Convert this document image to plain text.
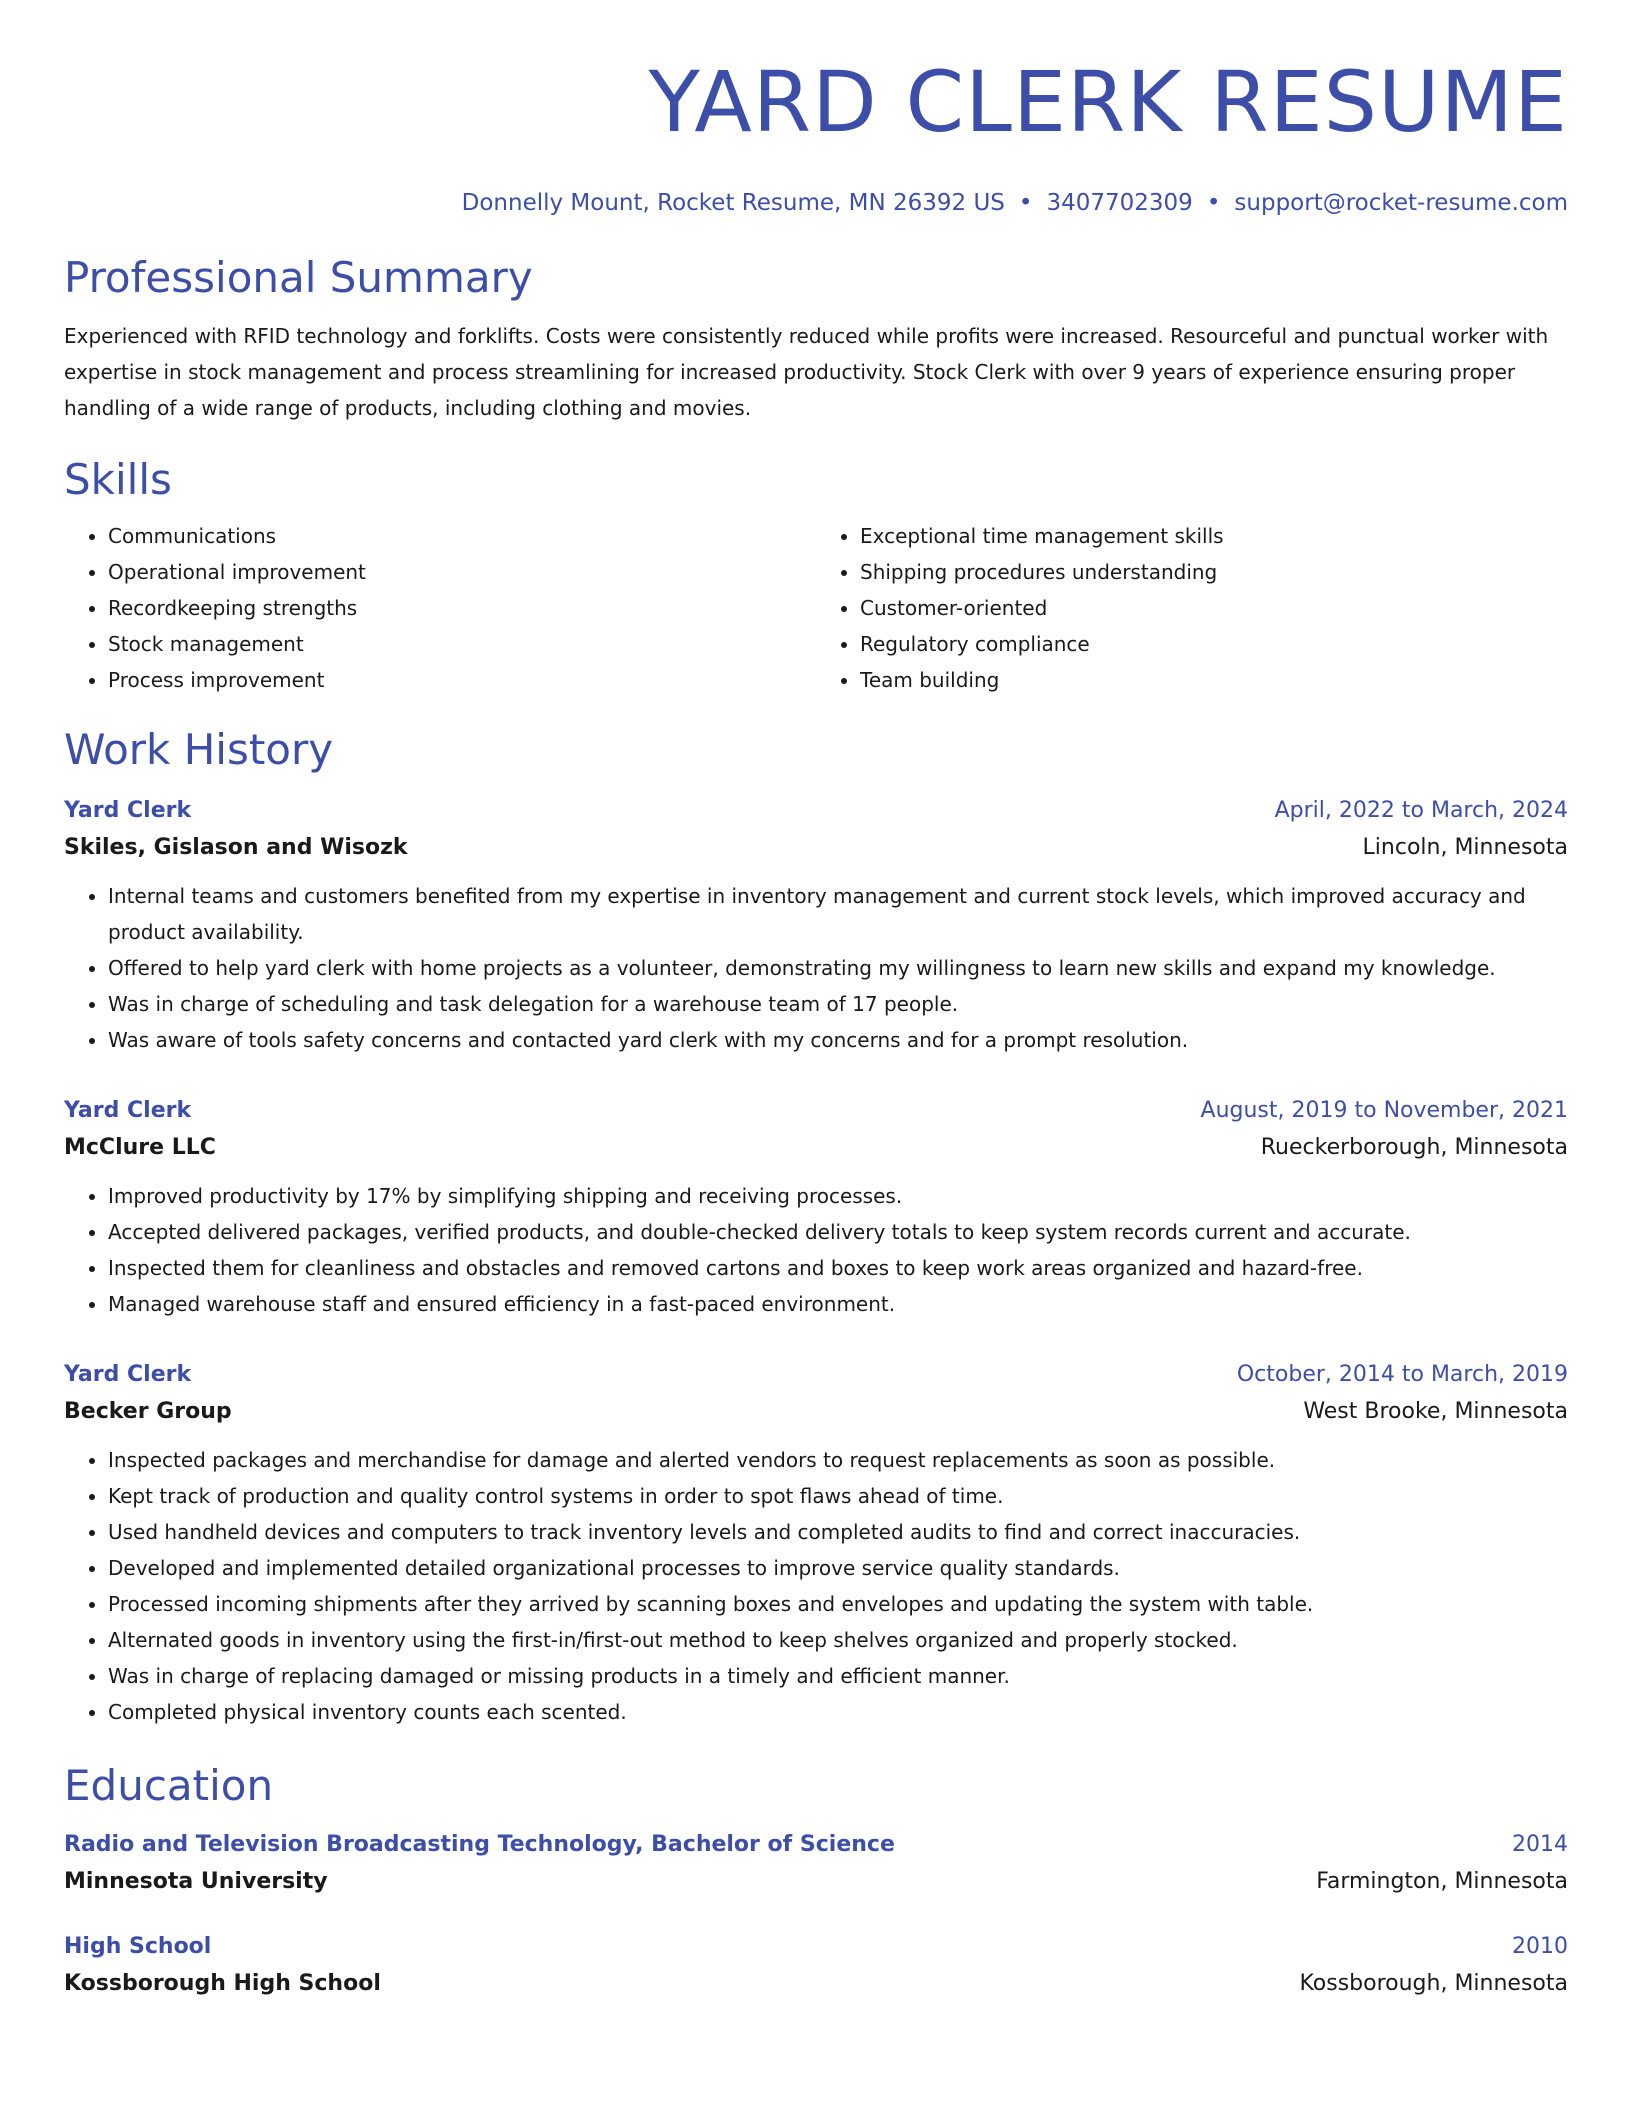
YARD CLERK RESUME
Donnelly Mount, Rocket Resume, MN 26392 US • 3407702309 • support@rocket-resume.com
Professional Summary

Experienced with RFID technology and forklifts. Costs were consistently reduced while profits were increased. Resourceful and punctual worker with expertise in stock management and process streamlining for increased productivity. Stock Clerk with over 9 years of experience ensuring proper handling of a wide range of products, including clothing and movies.

Skills
• Communications
• Operational improvement
• Recordkeeping strengths
• Stock management
• Process improvement
• Exceptional time management skills
• Shipping procedures understanding
• Customer-oriented
• Regulatory compliance
• Team building
Work History
Yard Clerk	April, 2022 to March, 2024
Skiles, Gislason and Wisozk	Lincoln, Minnesota
• Internal teams and customers benefited from my expertise in inventory management and current stock levels, which improved accuracy and product availability.
• Offered to help yard clerk with home projects as a volunteer, demonstrating my willingness to learn new skills and expand my knowledge.
• Was in charge of scheduling and task delegation for a warehouse team of 17 people.
• Was aware of tools safety concerns and contacted yard clerk with my concerns and for a prompt resolution.
Yard Clerk	August, 2019 to November, 2021
McClure LLC	Rueckerborough, Minnesota
• Improved productivity by 17% by simplifying shipping and receiving processes.
• Accepted delivered packages, verified products, and double-checked delivery totals to keep system records current and accurate.
• Inspected them for cleanliness and obstacles and removed cartons and boxes to keep work areas organized and hazard-free.
• Managed warehouse staff and ensured efficiency in a fast-paced environment.
Yard Clerk	October, 2014 to March, 2019
Becker Group	West Brooke, Minnesota
• Inspected packages and merchandise for damage and alerted vendors to request replacements as soon as possible.
• Kept track of production and quality control systems in order to spot flaws ahead of time.
• Used handheld devices and computers to track inventory levels and completed audits to find and correct inaccuracies.
• Developed and implemented detailed organizational processes to improve service quality standards.
• Processed incoming shipments after they arrived by scanning boxes and envelopes and updating the system with table.
• Alternated goods in inventory using the first-in/first-out method to keep shelves organized and properly stocked.
• Was in charge of replacing damaged or missing products in a timely and efficient manner.
• Completed physical inventory counts each scented.
Education
Radio and Television Broadcasting Technology, Bachelor of Science	2014
Minnesota University	Farmington, Minnesota
High School	2010
Kossborough High School	Kossborough, Minnesota
